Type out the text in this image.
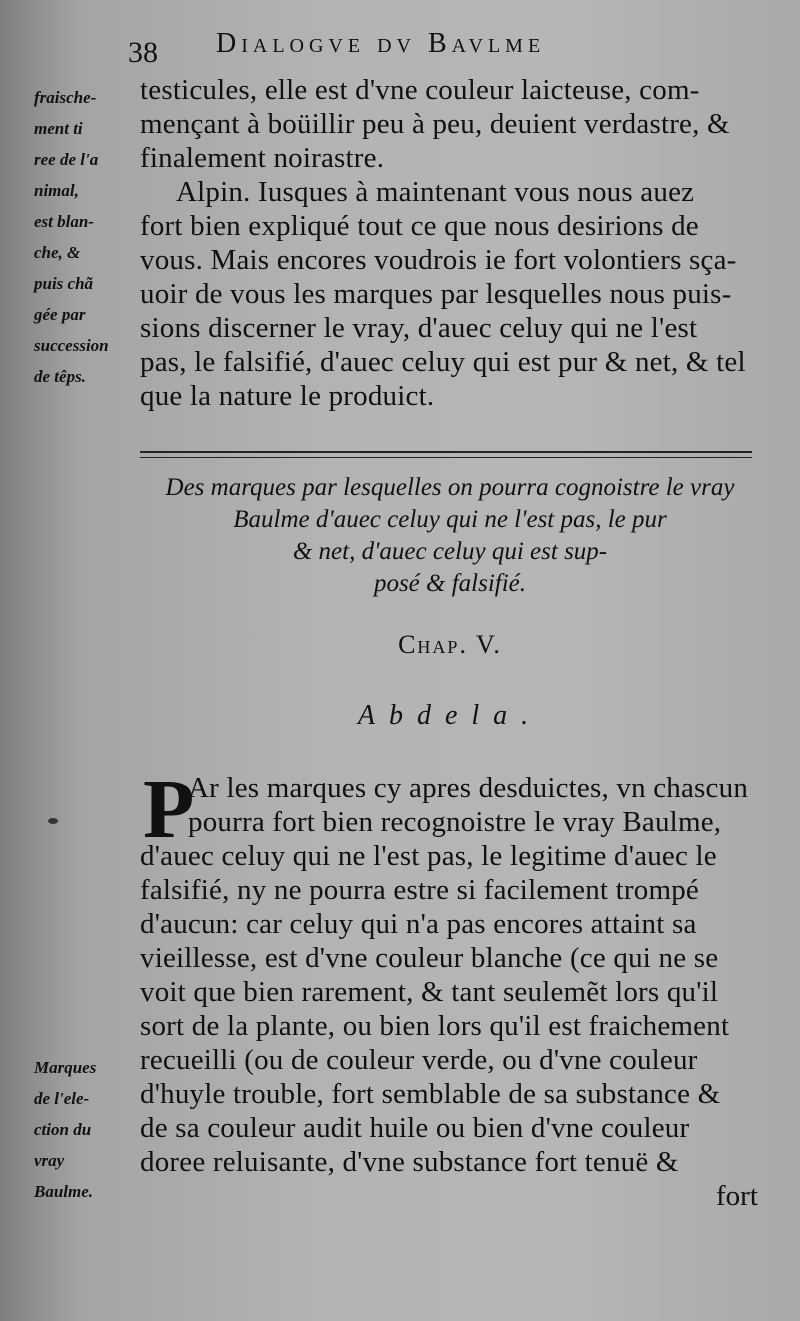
38 Dialogve dv Bavlme
fraische-
ment ti
ree de l'a
nimal,
est blan-
che, &
puis chã
gée par
succession
de têps.
testicules, elle est d'vne couleur laicteuse, com-
mençant à boüillir peu à peu, deuient verdastre, &
finalement noirastre.
Alpin. Iusques à maintenant vous nous auez
fort bien expliqué tout ce que nous desirions de
vous. Mais encores voudrois ie fort volontiers sça-
uoir de vous les marques par lesquelles nous puis-
sions discerner le vray, d'auec celuy qui ne l'est
pas, le falsifié, d'auec celuy qui est pur & net, & tel
que la nature le produict.
Des marques par lesquelles on pourra cognoistre le vray
Baulme d'auec celuy qui ne l'est pas, le pur
& net, d'auec celuy qui est sup-
posé & falsifié.
Chap. V.
Abdela.
P
Ar les marques cy apres desduictes, vn chascun
pourra fort bien recognoistre le vray Baulme,
d'auec celuy qui ne l'est pas, le legitime d'auec le
falsifié, ny ne pourra estre si facilement trompé
d'aucun: car celuy qui n'a pas encores attaint sa
vieillesse, est d'vne couleur blanche (ce qui ne se
voit que bien rarement, & tant seulemẽt lors qu'il
sort de la plante, ou bien lors qu'il est fraichement
recueilli (ou de couleur verde, ou d'vne couleur
d'huyle trouble, fort semblable de sa substance &
de sa couleur audit huile ou bien d'vne couleur
doree reluisante, d'vne substance fort tenuë &
Marques
de l'ele-
ction du
vray
Baulme.	fort
